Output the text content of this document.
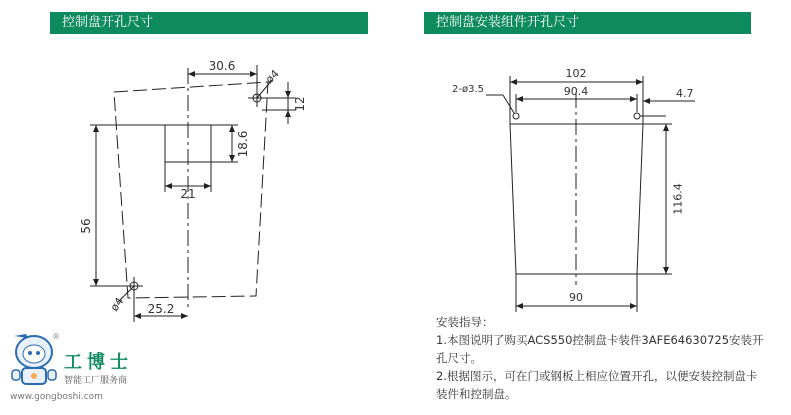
控制盘开孔尺寸	控制盘安装组件开孔尺寸
30.6
ø4
12
18.6
21
56
ø4 25.2
102
90.4	4.7
2-ø3.5
116.4
90

安装指导：

1.本图说明了购买ACS550控制盘卡装件3AFE64630725安装开孔尺寸。

2.根据图示，可在门或钢板上相应位置开孔，以便安装控制盘卡装件和控制盘。

®
工博士
智能工厂服务商
www.gongboshi.com
